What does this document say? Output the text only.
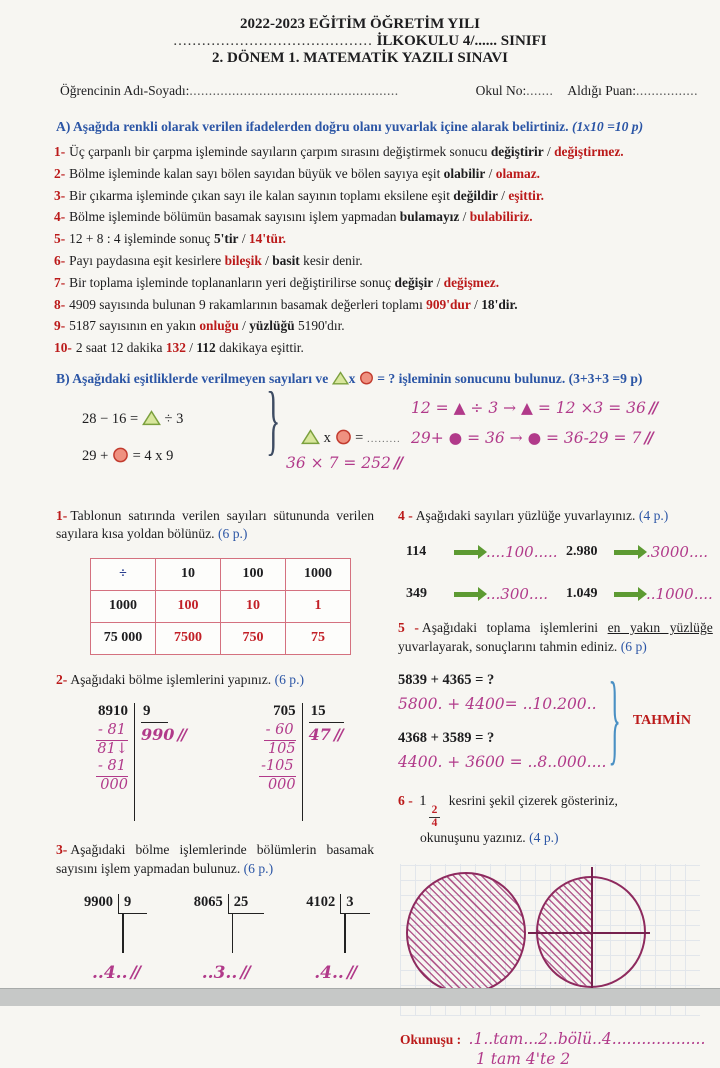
2022-2023 EĞİTİM ÖĞRETİM YILI
.......................................... İLKOKULU 4/...... SINIFI
2. DÖNEM 1. MATEMATİK YAZILI SINAVI
Öğrencinin Adı-Soyadı: ......................................................	Okul No: ....... Aldığı Puan: ................
A) Aşağıda renkli olarak verilen ifadelerden doğru olanı yuvarlak içine alarak belirtiniz. (1x10 =10 p)
1- Üç çarpanlı bir çarpma işleminde sayıların çarpım sırasını değiştirmek sonucu değiştirir / değiştirmez.
2- Bölme işleminde kalan sayı bölen sayıdan büyük ve bölen sayıya eşit olabilir / olamaz.
3- Bir çıkarma işleminde çıkan sayı ile kalan sayının toplamı eksilene eşit değildir / eşittir.
4- Bölme işleminde bölümün basamak sayısını işlem yapmadan bulamayız / bulabiliriz.
5- 12 + 8 : 4 işleminde sonuç 5'tir / 14'tür.
6- Payı paydasına eşit kesirlere bileşik / basit kesir denir.
7- Bir toplama işleminde toplananların yeri değiştirilirse sonuç değişir / değişmez.
8- 4909 sayısında bulunan 9 rakamlarının basamak değerleri toplamı 909'dur / 18'dir.
9- 5187 sayısının en yakın onluğu / yüzlüğü 5190'dır.
10- 2 saat 12 dakika 132 / 112 dakikaya eşittir.
B) Aşağıdaki eşitliklerde verilmeyen sayıları ve x = ? işleminin sonucunu bulunuz. (3+3+3 =9 p)
28 − 16 = ÷ 3
29 + = 4 x 9	}	x = .........
36 × 7 = 252 //
12 = ▲ ÷ 3 → ▲ = 12 ×3 = 36 //
29+ ● = 36 → ● = 36-29 = 7 //
1- Tablonun satırında verilen sayıları sütununda verilen sayılara kısa yoldan bölünüz. (6 p.)
÷	10	100	1000
1000	100	10	1
75 000	7500	750	75
2- Aşağıdaki bölme işlemlerini yapınız. (6 p.)
8910
- 81
81↓
- 81
000
9
990 //
705
- 60
105
-105
000
15
47 //
3- Aşağıdaki bölme işlemlerinde bölümlerin basamak sayısını işlem yapmadan bulunuz. (6 p.)
9900 9
..4.. //
8065 25
..3.. //
4102 3
.4.. //
4 - Aşağıdaki sayıları yüzlüğe yuvarlayınız. (4 p.)
114	....100..... 2.980	.3000....
349	...300.... 1.049	..1000....
5 - Aşağıdaki toplama işlemlerini en yakın yüzlüğe yuvarlayarak, sonuçlarını tahmin ediniz. (6 p)
5839 + 4365 = ?
5800. + 4400= ..10.200..
4368 + 3589 = ?
4400. + 3600 = ..8..000.... } TAHMİN
6 - 1
$\frac{2}{4}$
kesrini şekil çizerek gösteriniz,
okunuşunu yazınız. (4 p.)
Okunuşu : .1..tam...2..bölü..4...................
1 tam 4'te 2
